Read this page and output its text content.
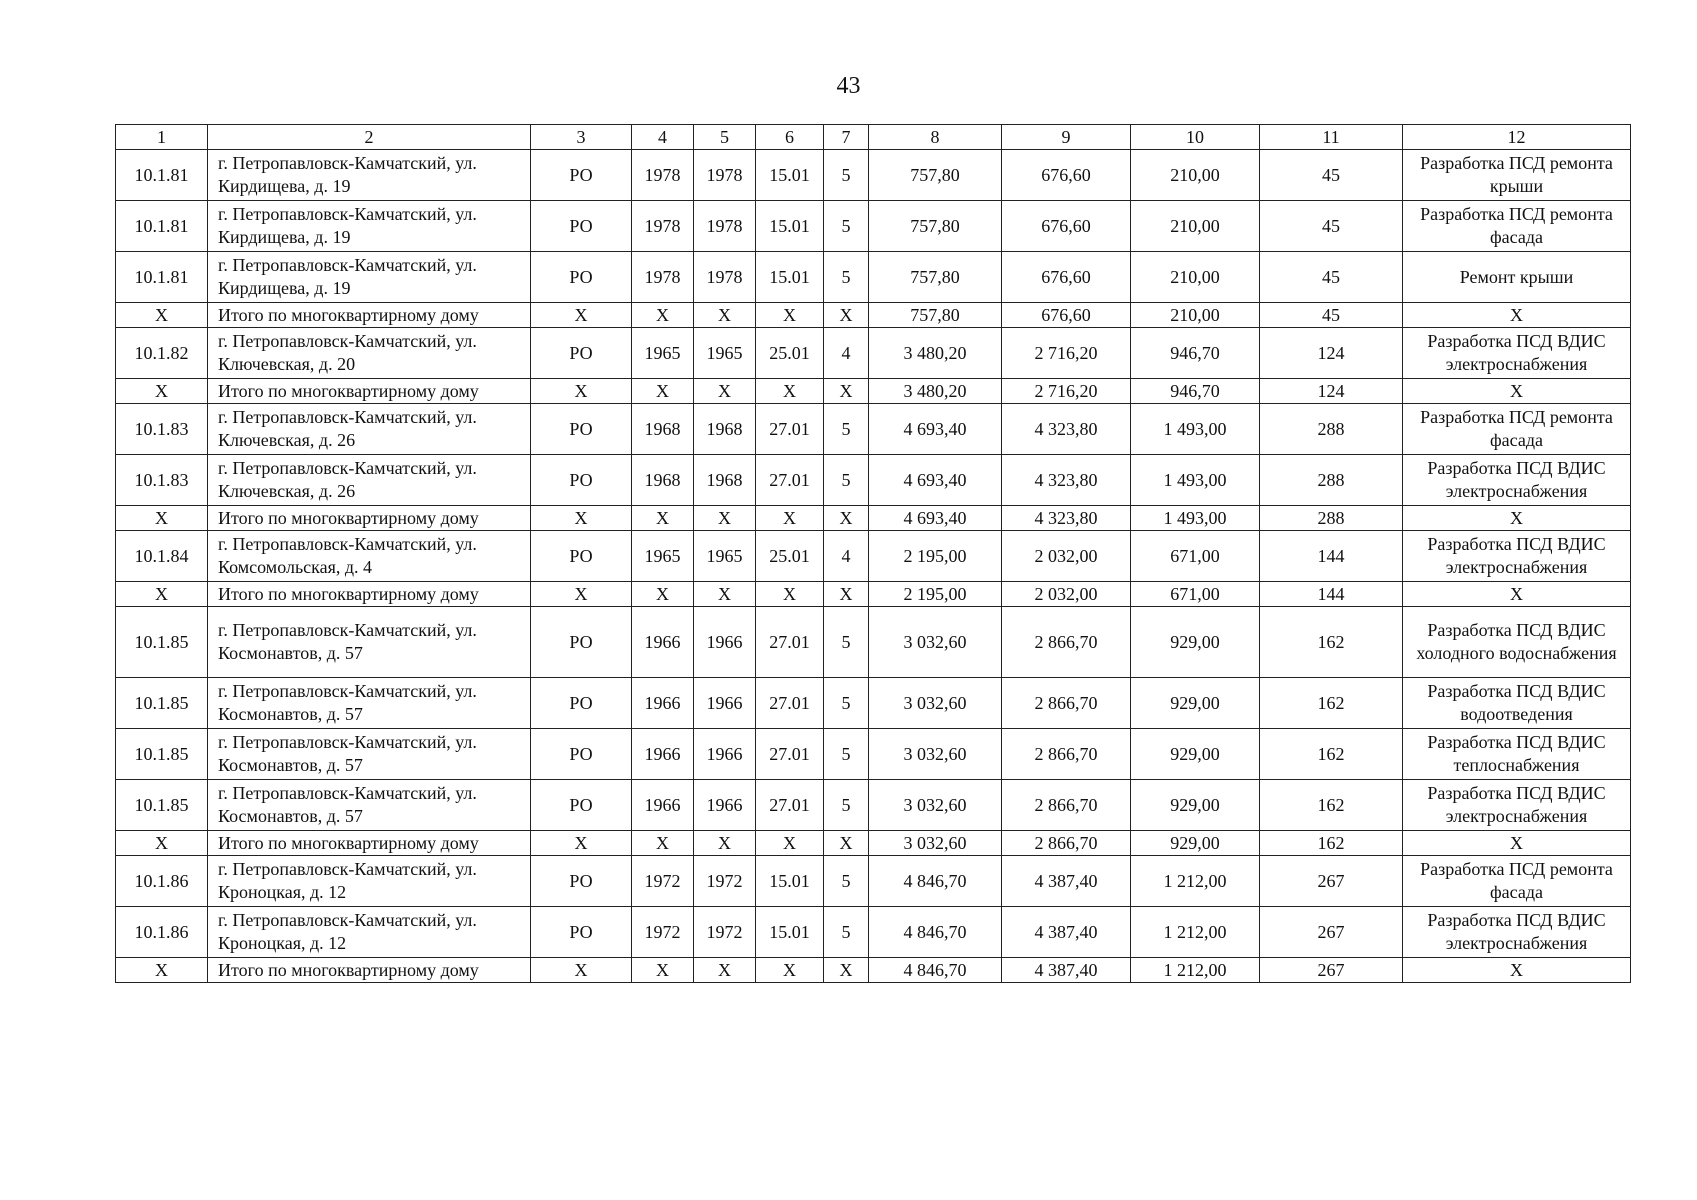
43
1	2	3	4	5	6	7	8	9	10	11	12
10.1.81	г. Петропавловск-Камчатский, ул. Кирдищева, д. 19	РО	1978	1978	15.01	5	757,80	676,60	210,00	45	Разработка ПСД ремонта крыши
10.1.81	г. Петропавловск-Камчатский, ул. Кирдищева, д. 19	РО	1978	1978	15.01	5	757,80	676,60	210,00	45	Разработка ПСД ремонта фасада
10.1.81	г. Петропавловск-Камчатский, ул. Кирдищева, д. 19	РО	1978	1978	15.01	5	757,80	676,60	210,00	45	Ремонт крыши
Х	Итого по многоквартирному дому	Х	Х	Х	Х	Х	757,80	676,60	210,00	45	Х
10.1.82	г. Петропавловск-Камчатский, ул. Ключевская, д. 20	РО	1965	1965	25.01	4	3 480,20	2 716,20	946,70	124	Разработка ПСД ВДИС электроснабжения
Х	Итого по многоквартирному дому	Х	Х	Х	Х	Х	3 480,20	2 716,20	946,70	124	Х
10.1.83	г. Петропавловск-Камчатский, ул. Ключевская, д. 26	РО	1968	1968	27.01	5	4 693,40	4 323,80	1 493,00	288	Разработка ПСД ремонта фасада
10.1.83	г. Петропавловск-Камчатский, ул. Ключевская, д. 26	РО	1968	1968	27.01	5	4 693,40	4 323,80	1 493,00	288	Разработка ПСД ВДИС электроснабжения
Х	Итого по многоквартирному дому	Х	Х	Х	Х	Х	4 693,40	4 323,80	1 493,00	288	Х
10.1.84	г. Петропавловск-Камчатский, ул. Комсомольская, д. 4	РО	1965	1965	25.01	4	2 195,00	2 032,00	671,00	144	Разработка ПСД ВДИС электроснабжения
Х	Итого по многоквартирному дому	Х	Х	Х	Х	Х	2 195,00	2 032,00	671,00	144	Х
10.1.85	г. Петропавловск-Камчатский, ул. Космонавтов, д. 57	РО	1966	1966	27.01	5	3 032,60	2 866,70	929,00	162	Разработка ПСД ВДИС холодного водоснабжения
10.1.85	г. Петропавловск-Камчатский, ул. Космонавтов, д. 57	РО	1966	1966	27.01	5	3 032,60	2 866,70	929,00	162	Разработка ПСД ВДИС водоотведения
10.1.85	г. Петропавловск-Камчатский, ул. Космонавтов, д. 57	РО	1966	1966	27.01	5	3 032,60	2 866,70	929,00	162	Разработка ПСД ВДИС теплоснабжения
10.1.85	г. Петропавловск-Камчатский, ул. Космонавтов, д. 57	РО	1966	1966	27.01	5	3 032,60	2 866,70	929,00	162	Разработка ПСД ВДИС электроснабжения
Х	Итого по многоквартирному дому	Х	Х	Х	Х	Х	3 032,60	2 866,70	929,00	162	Х
10.1.86	г. Петропавловск-Камчатский, ул. Кроноцкая, д. 12	РО	1972	1972	15.01	5	4 846,70	4 387,40	1 212,00	267	Разработка ПСД ремонта фасада
10.1.86	г. Петропавловск-Камчатский, ул. Кроноцкая, д. 12	РО	1972	1972	15.01	5	4 846,70	4 387,40	1 212,00	267	Разработка ПСД ВДИС электроснабжения
Х	Итого по многоквартирному дому	Х	Х	Х	Х	Х	4 846,70	4 387,40	1 212,00	267	Х
